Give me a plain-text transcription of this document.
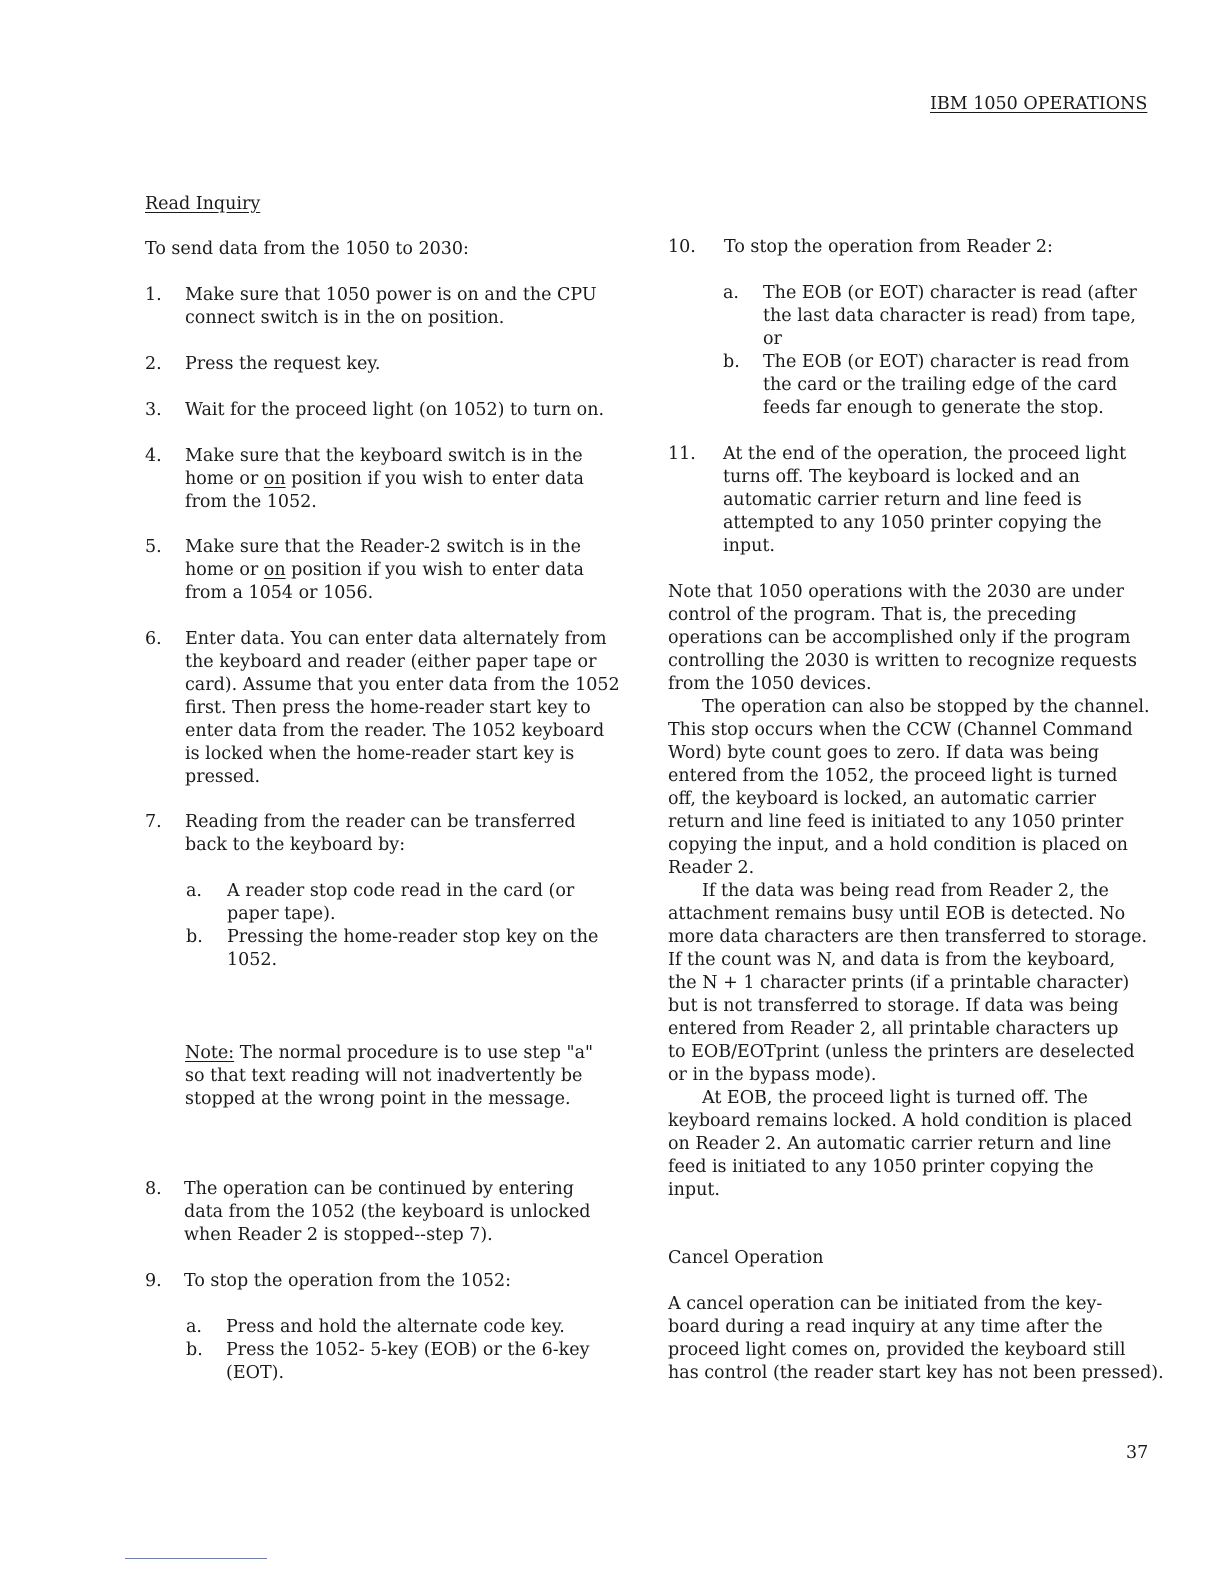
IBM 1050 OPERATIONS
Read Inquiry
To send data from the 1050 to 2030:
1. Make sure that 1050 power is on and the CPU

connect switch is in the on position.

2. Press the request key.

3. Wait for the proceed light (on 1052) to turn on.

4. Make sure that the keyboard switch is in the

home or on position if you wish to enter data

from the 1052.

5. Make sure that the Reader-2 switch is in the

home or on position if you wish to enter data

from a 1054 or 1056.

6. Enter data. You can enter data alternately from

the keyboard and reader (either paper tape or

card). Assume that you enter data from the 1052

first. Then press the home-reader start key to

enter data from the reader. The 1052 keyboard

is locked when the home-reader start key is

pressed.

7. Reading from the reader can be transferred

back to the keyboard by:

a. A reader stop code read in the card (or

paper tape).

b. Pressing the home-reader stop key on the

1052.

Note: The normal procedure is to use step "a"

so that text reading will not inadvertently be

stopped at the wrong point in the message.

8. The operation can be continued by entering

data from the 1052 (the keyboard is unlocked

when Reader 2 is stopped--step 7).

9. To stop the operation from the 1052:

a. Press and hold the alternate code key.

b. Press the 1052- 5-key (EOB) or the 6-key

(EOT).

10. To stop the operation from Reader 2:

a. The EOB (or EOT) character is read (after

the last data character is read) from tape,

or

b. The EOB (or EOT) character is read from

the card or the trailing edge of the card

feeds far enough to generate the stop.

11. At the end of the operation, the proceed light

turns off. The keyboard is locked and an

automatic carrier return and line feed is

attempted to any 1050 printer copying the

input.

Note that 1050 operations with the 2030 are under

control of the program. That is, the preceding

operations can be accomplished only if the program

controlling the 2030 is written to recognize requests

from the 1050 devices.

The operation can also be stopped by the channel.

This stop occurs when the CCW (Channel Command

Word) byte count goes to zero. If data was being

entered from the 1052, the proceed light is turned

off, the keyboard is locked, an automatic carrier

return and line feed is initiated to any 1050 printer

copying the input, and a hold condition is placed on

Reader 2.

If the data was being read from Reader 2, the

attachment remains busy until EOB is detected. No

more data characters are then transferred to storage.

If the count was N, and data is from the keyboard,

the N + 1 character prints (if a printable character)

but is not transferred to storage. If data was being

entered from Reader 2, all printable characters up

to EOB/EOTprint (unless the printers are deselected

or in the bypass mode).

At EOB, the proceed light is turned off. The

keyboard remains locked. A hold condition is placed

on Reader 2. An automatic carrier return and line

feed is initiated to any 1050 printer copying the

input.

Cancel Operation

A cancel operation can be initiated from the key-

board during a read inquiry at any time after the

proceed light comes on, provided the keyboard still

has control (the reader start key has not been pressed).

37
